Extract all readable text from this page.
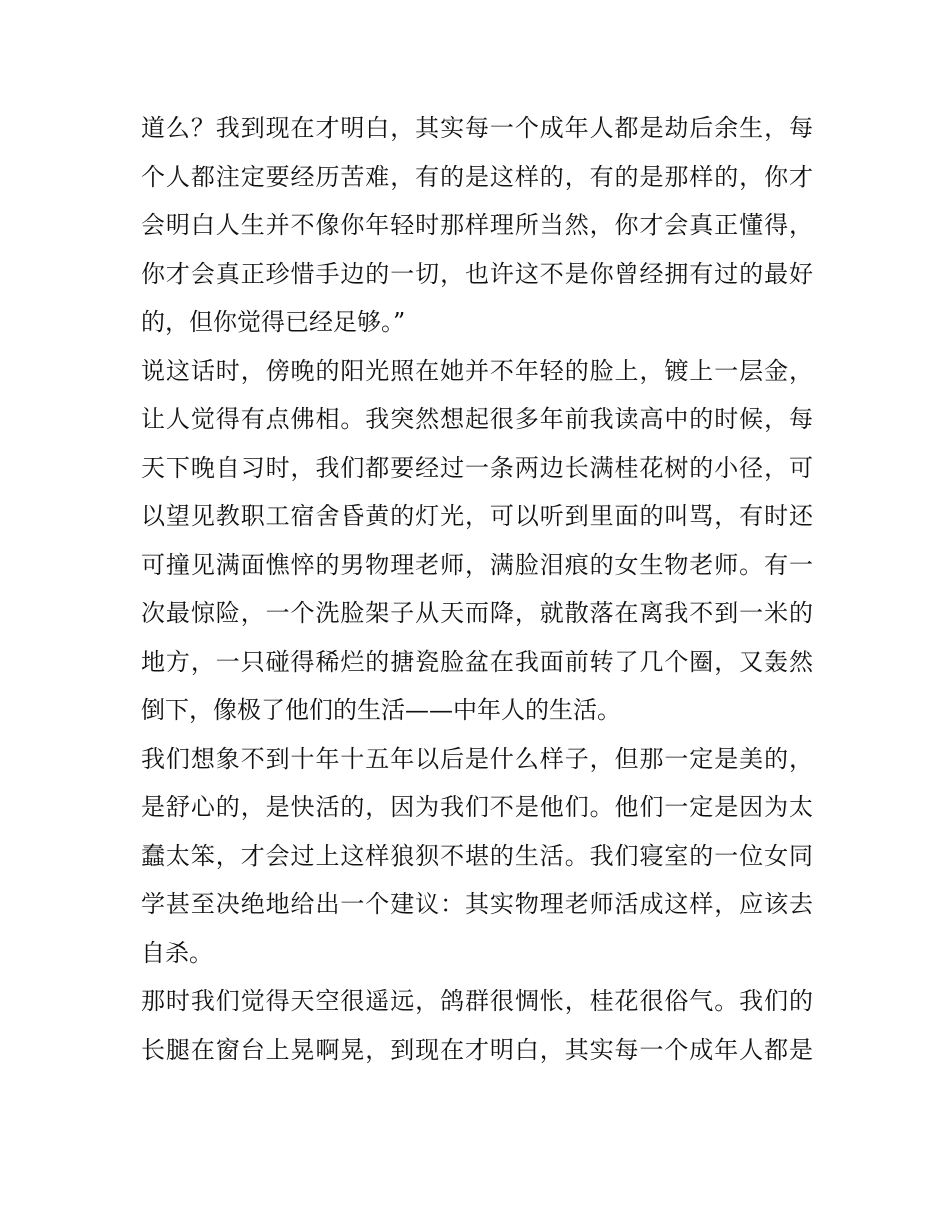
道么？我到现在才明白，其实每一个成年人都是劫后余生，每
个人都注定要经历苦难，有的是这样的，有的是那样的，你才
会明白人生并不像你年轻时那样理所当然，你才会真正懂得，
你才会真正珍惜手边的一切，也许这不是你曾经拥有过的最好
的，但你觉得已经足够。”
说这话时，傍晚的阳光照在她并不年轻的脸上，镀上一层金，
让人觉得有点佛相。我突然想起很多年前我读高中的时候，每
天下晚自习时，我们都要经过一条两边长满桂花树的小径，可
以望见教职工宿舍昏黄的灯光，可以听到里面的叫骂，有时还
可撞见满面憔悴的男物理老师，满脸泪痕的女生物老师。有一
次最惊险，一个洗脸架子从天而降，就散落在离我不到一米的
地方，一只碰得稀烂的搪瓷脸盆在我面前转了几个圈，又轰然
倒下，像极了他们的生活——中年人的生活。
我们想象不到十年十五年以后是什么样子，但那一定是美的，
是舒心的，是快活的，因为我们不是他们。他们一定是因为太
蠢太笨，才会过上这样狼狈不堪的生活。我们寝室的一位女同
学甚至决绝地给出一个建议：其实物理老师活成这样，应该去
自杀。
那时我们觉得天空很遥远，鸽群很惆怅，桂花很俗气。我们的
长腿在窗台上晃啊晃，到现在才明白，其实每一个成年人都是
